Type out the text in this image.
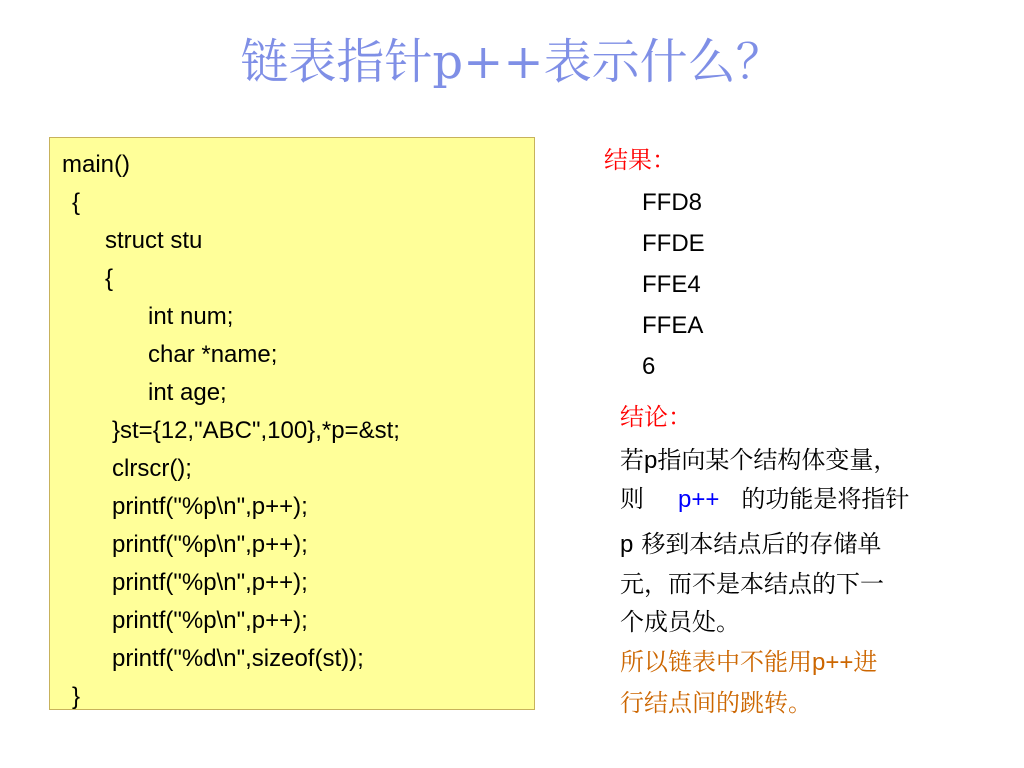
链表指针p++表示什么？

main()

{

struct stu

{

int num;

char *name;

int age;

}st={12,"ABC",100},*p=&st;

clrscr();

printf("%p\n",p++);

printf("%p\n",p++);

printf("%p\n",p++);

printf("%p\n",p++);

printf("%d\n",sizeof(st));

}

结果：

FFD8

FFDE

FFE4

FFEA

6

结论：

若p指向某个结构体变量，

则 p++ 的功能是将指针

p 移到本结点后的存储单

元，而不是本结点的下一

个成员处。

所以链表中不能用p++进

行结点间的跳转。
